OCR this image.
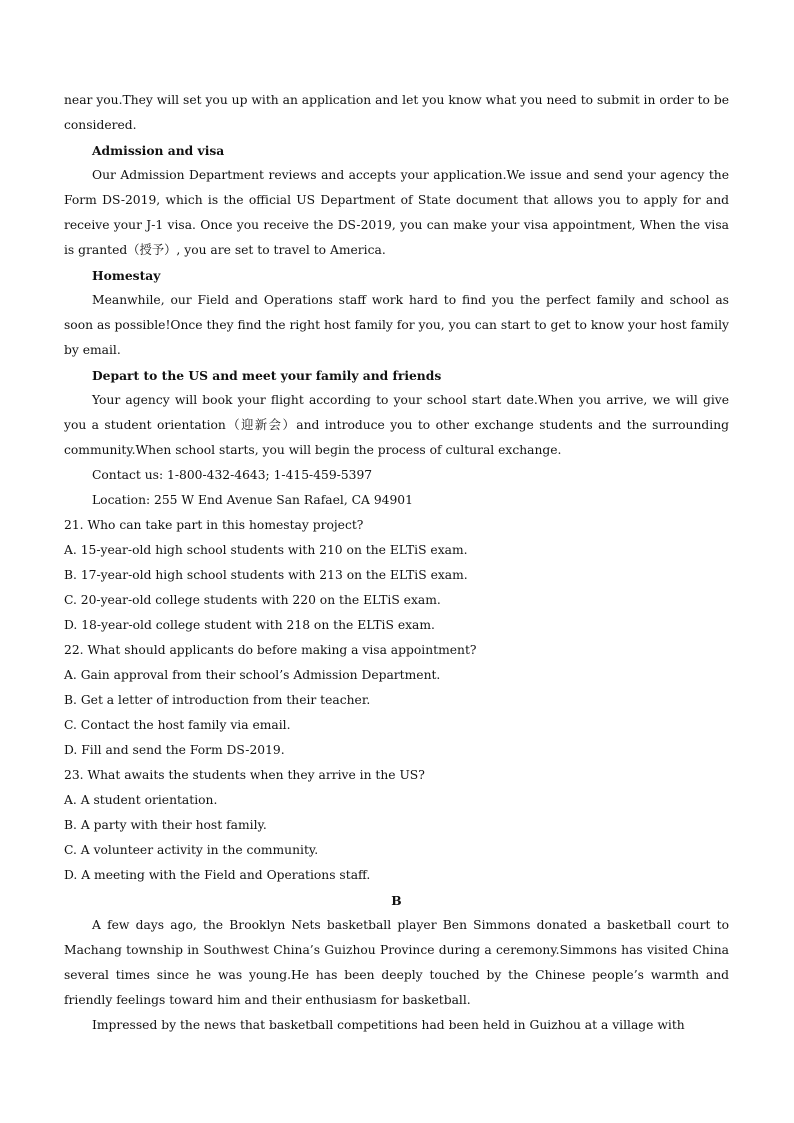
near you.They will set you up with an application and let you know what you need to submit in order to be considered.

Admission and visa

Our Admission Department reviews and accepts your application.We issue and send your agency the Form DS-2019, which is the official US Department of State document that allows you to apply for and receive your J-1 visa. Once you receive the DS-2019, you can make your visa appointment, When the visa is granted（授予）, you are set to travel to America.

Homestay

Meanwhile, our Field and Operations staff work hard to find you the perfect family and school as soon as possible!Once they find the right host family for you, you can start to get to know your host family by email.

Depart to the US and meet your family and friends

Your agency will book your flight according to your school start date.When you arrive, we will give you a student orientation（迎新会）and introduce you to other exchange students and the surrounding community.When school starts, you will begin the process of cultural exchange.

Contact us: 1-800-432-4643; 1-415-459-5397

Location: 255 W End Avenue San Rafael, CA 94901

21. Who can take part in this homestay project?

A. 15-year-old high school students with 210 on the ELTiS exam.

B. 17-year-old high school students with 213 on the ELTiS exam.

C. 20-year-old college students with 220 on the ELTiS exam.

D. 18-year-old college student with 218 on the ELTiS exam.

22. What should applicants do before making a visa appointment?

A. Gain approval from their school’s Admission Department.

B. Get a letter of introduction from their teacher.

C. Contact the host family via email.

D. Fill and send the Form DS-2019.

23. What awaits the students when they arrive in the US?

A. A student orientation.

B. A party with their host family.

C. A volunteer activity in the community.

D. A meeting with the Field and Operations staff.

B

A few days ago, the Brooklyn Nets basketball player Ben Simmons donated a basketball court to Machang township in Southwest China’s Guizhou Province during a ceremony.Simmons has visited China several times since he was young.He has been deeply touched by the Chinese people’s warmth and friendly feelings toward him and their enthusiasm for basketball.

Impressed by the news that basketball competitions had been held in Guizhou at a village with
